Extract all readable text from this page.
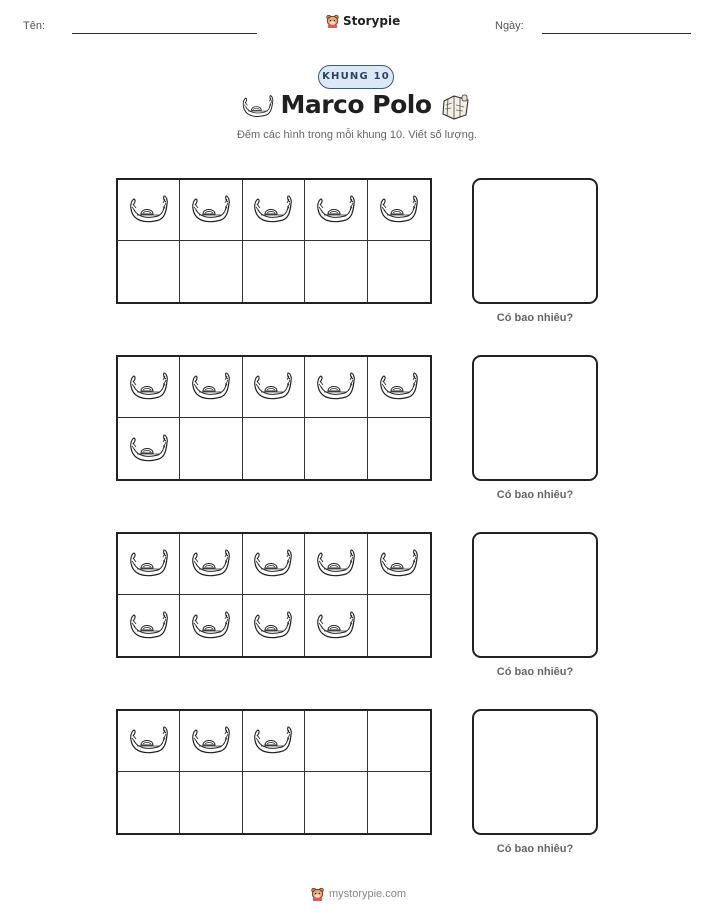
Tên:	Storypie	Ngày:
KHUNG 10
Marco Polo
Đếm các hình trong mỗi khung 10. Viết số lượng.
Có bao nhiêu?
Có bao nhiêu?
Có bao nhiêu?
Có bao nhiêu?
mystorypie.com
